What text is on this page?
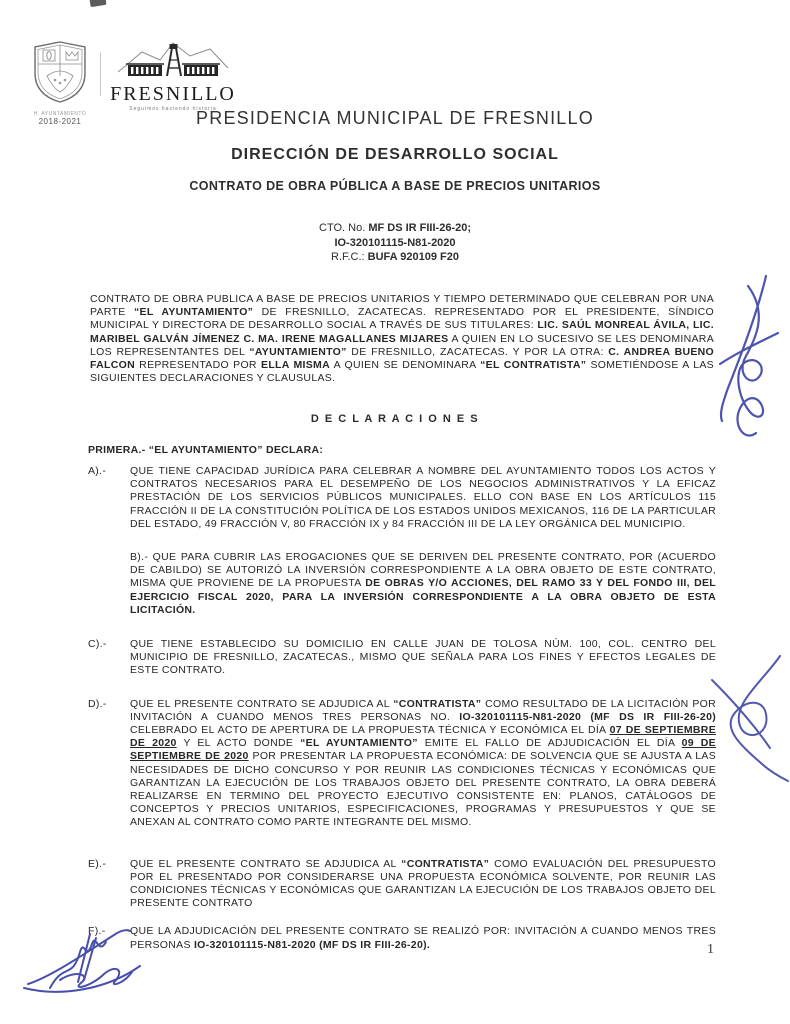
H. AYUNTAMIENTO
2018-2021
FRESNILLO
Seguimos haciendo historia
PRESIDENCIA MUNICIPAL DE FRESNILLO
DIRECCIÓN DE DESARROLLO SOCIAL
CONTRATO DE OBRA PÚBLICA A BASE DE PRECIOS UNITARIOS
CTO. No. MF DS IR FIII-26-20;
IO-320101115-N81-2020
R.F.C.: BUFA 920109 F20
CONTRATO DE OBRA PUBLICA A BASE DE PRECIOS UNITARIOS Y TIEMPO DETERMINADO QUE CELEBRAN POR UNA PARTE “EL AYUNTAMIENTO” DE FRESNILLO, ZACATECAS. REPRESENTADO POR EL PRESIDENTE, SÍNDICO MUNICIPAL Y DIRECTORA DE DESARROLLO SOCIAL A TRAVÉS DE SUS TITULARES: LIC. SAÚL MONREAL ÁVILA, LIC. MARIBEL GALVÁN JÍMENEZ C. MA. IRENE MAGALLANES MIJARES A QUIEN EN LO SUCESIVO SE LES DENOMINARA LOS REPRESENTANTES DEL “AYUNTAMIENTO” DE FRESNILLO, ZACATECAS. Y POR LA OTRA: C. ANDREA BUENO FALCON REPRESENTADO POR ELLA MISMA A QUIEN SE DENOMINARA “EL CONTRATISTA” SOMETIÉNDOSE A LAS SIGUIENTES DECLARACIONES Y CLAUSULAS.
D E C L A R A C I O N E S
PRIMERA.- “EL AYUNTAMIENTO” DECLARA:
A).-	QUE TIENE CAPACIDAD JURÍDICA PARA CELEBRAR A NOMBRE DEL AYUNTAMIENTO TODOS LOS ACTOS Y CONTRATOS NECESARIOS PARA EL DESEMPEÑO DE LOS NEGOCIOS ADMINISTRATIVOS Y LA EFICAZ PRESTACIÓN DE LOS SERVICIOS PÚBLICOS MUNICIPALES. ELLO CON BASE EN LOS ARTÍCULOS 115 FRACCIÓN II DE LA CONSTITUCIÓN POLÍTICA DE LOS ESTADOS UNIDOS MEXICANOS, 116 DE LA PARTICULAR DEL ESTADO, 49 FRACCIÓN V, 80 FRACCIÓN IX y 84 FRACCIÓN III DE LA LEY ORGÁNICA DEL MUNICIPIO.
B).- QUE PARA CUBRIR LAS EROGACIONES QUE SE DERIVEN DEL PRESENTE CONTRATO, POR (ACUERDO DE CABILDO) SE AUTORIZÓ LA INVERSIÓN CORRESPONDIENTE A LA OBRA OBJETO DE ESTE CONTRATO, MISMA QUE PROVIENE DE LA PROPUESTA DE OBRAS Y/O ACCIONES, DEL RAMO 33 Y DEL FONDO III, DEL EJERCICIO FISCAL 2020, PARA LA INVERSIÓN CORRESPONDIENTE A LA OBRA OBJETO DE ESTA LICITACIÓN.
C).-	QUE TIENE ESTABLECIDO SU DOMICILIO EN CALLE JUAN DE TOLOSA NÚM. 100, COL. CENTRO DEL MUNICIPIO DE FRESNILLO, ZACATECAS., MISMO QUE SEÑALA PARA LOS FINES Y EFECTOS LEGALES DE ESTE CONTRATO.
D).-	QUE EL PRESENTE CONTRATO SE ADJUDICA AL “CONTRATISTA” COMO RESULTADO DE LA LICITACIÓN POR INVITACIÓN A CUANDO MENOS TRES PERSONAS NO. IO-320101115-N81-2020 (MF DS IR FIII-26-20) CELEBRADO EL ACTO DE APERTURA DE LA PROPUESTA TÉCNICA Y ECONÓMICA EL DÍA 07 DE SEPTIEMBRE DE 2020 Y EL ACTO DONDE “EL AYUNTAMIENTO” EMITE EL FALLO DE ADJUDICACIÓN EL DÍA 09 DE SEPTIEMBRE DE 2020 POR PRESENTAR LA PROPUESTA ECONÓMICA: DE SOLVENCIA QUE SE AJUSTA A LAS NECESIDADES DE DICHO CONCURSO Y POR REUNIR LAS CONDICIONES TÉCNICAS Y ECONÓMICAS QUE GARANTIZAN LA EJECUCIÓN DE LOS TRABAJOS OBJETO DEL PRESENTE CONTRATO, LA OBRA DEBERÁ REALIZARSE EN TERMINO DEL PROYECTO EJECUTIVO CONSISTENTE EN: PLANOS, CATÁLOGOS DE CONCEPTOS Y PRECIOS UNITARIOS, ESPECIFICACIONES, PROGRAMAS Y PRESUPUESTOS Y QUE SE ANEXAN AL CONTRATO COMO PARTE INTEGRANTE DEL MISMO.
E).-	QUE EL PRESENTE CONTRATO SE ADJUDICA AL “CONTRATISTA” COMO EVALUACIÓN DEL PRESUPUESTO POR EL PRESENTADO POR CONSIDERARSE UNA PROPUESTA ECONÓMICA SOLVENTE, POR REUNIR LAS CONDICIONES TÉCNICAS Y ECONÓMICAS QUE GARANTIZAN LA EJECUCIÓN DE LOS TRABAJOS OBJETO DEL PRESENTE CONTRATO
F).-	QUE LA ADJUDICACIÓN DEL PRESENTE CONTRATO SE REALIZÓ POR: INVITACIÓN A CUANDO MENOS TRES PERSONAS IO-320101115-N81-2020 (MF DS IR FIII-26-20).	1
